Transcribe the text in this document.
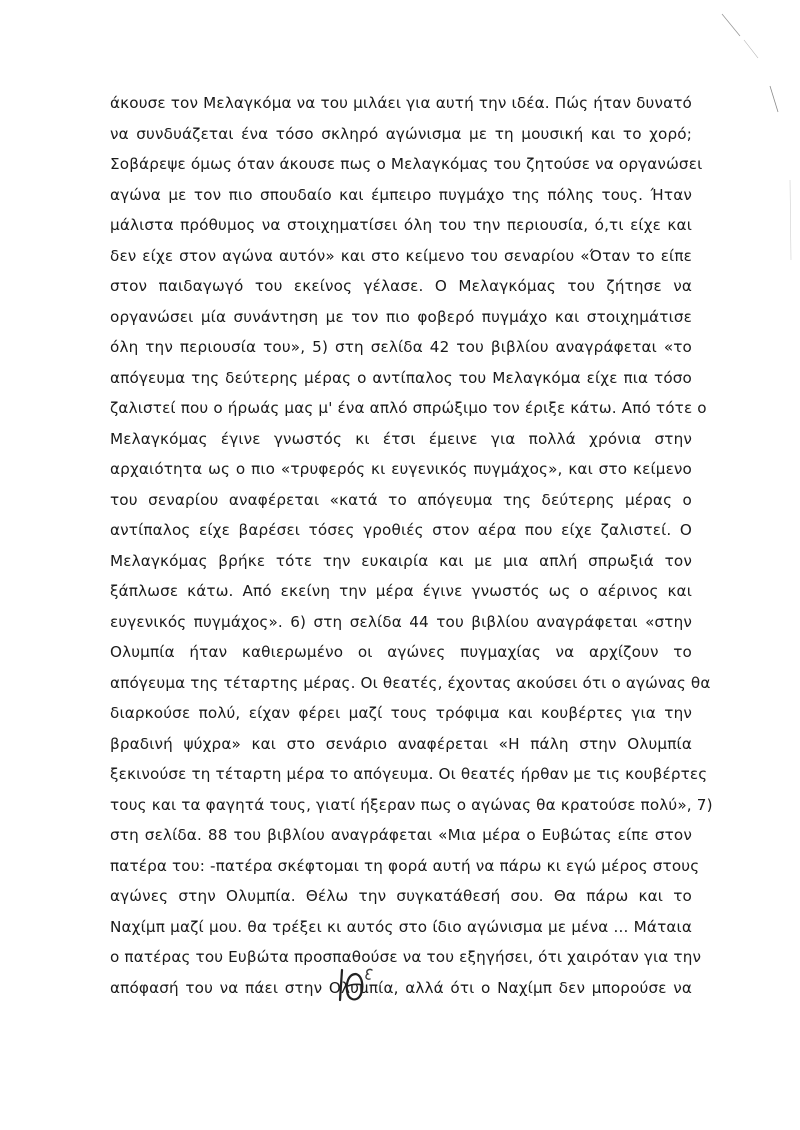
άκουσε τον Μελαγκόμα να του μιλάει για αυτή την ιδέα. Πώς ήταν δυνατό
να συνδυάζεται ένα τόσο σκληρό αγώνισμα με τη μουσική και το χορό;
Σοβάρεψε όμως όταν άκουσε πως ο Μελαγκόμας του ζητούσε να οργανώσει
αγώνα με τον πιο σπουδαίο και έμπειρο πυγμάχο της πόλης τους. Ήταν
μάλιστα πρόθυμος να στοιχηματίσει όλη του την περιουσία, ό,τι είχε και
δεν είχε στον αγώνα αυτόν» και στο κείμενο του σεναρίου «Όταν το είπε
στον παιδαγωγό του εκείνος γέλασε. Ο Μελαγκόμας του ζήτησε να
οργανώσει μία συνάντηση με τον πιο φοβερό πυγμάχο και στοιχημάτισε
όλη την περιουσία του», 5) στη σελίδα 42 του βιβλίου αναγράφεται «το
απόγευμα της δεύτερης μέρας ο αντίπαλος του Μελαγκόμα είχε πια τόσο
ζαλιστεί που ο ήρωάς μας μ' ένα απλό σπρώξιμο τον έριξε κάτω. Από τότε ο
Μελαγκόμας έγινε γνωστός κι έτσι έμεινε για πολλά χρόνια στην
αρχαιότητα ως ο πιο «τρυφερός κι ευγενικός πυγμάχος», και στο κείμενο
του σεναρίου αναφέρεται «κατά το απόγευμα της δεύτερης μέρας ο
αντίπαλος είχε βαρέσει τόσες γροθιές στον αέρα που είχε ζαλιστεί. Ο
Μελαγκόμας βρήκε τότε την ευκαιρία και με μια απλή σπρωξιά τον
ξάπλωσε κάτω. Από εκείνη την μέρα έγινε γνωστός ως ο αέρινος και
ευγενικός πυγμάχος». 6) στη σελίδα 44 του βιβλίου αναγράφεται «στην
Ολυμπία ήταν καθιερωμένο οι αγώνες πυγμαχίας να αρχίζουν το
απόγευμα της τέταρτης μέρας. Οι θεατές, έχοντας ακούσει ότι ο αγώνας θα
διαρκούσε πολύ, είχαν φέρει μαζί τους τρόφιμα και κουβέρτες για την
βραδινή ψύχρα» και στο σενάριο αναφέρεται «Η πάλη στην Ολυμπία
ξεκινούσε τη τέταρτη μέρα το απόγευμα. Οι θεατές ήρθαν με τις κουβέρτες
τους και τα φαγητά τους, γιατί ήξεραν πως ο αγώνας θα κρατούσε πολύ», 7)
στη σελίδα. 88 του βιβλίου αναγράφεται «Μια μέρα ο Ευβώτας είπε στον
πατέρα του: -πατέρα σκέφτομαι τη φορά αυτή να πάρω κι εγώ μέρος στους
αγώνες στην Ολυμπία. Θέλω την συγκατάθεσή σου. Θα πάρω και το
Ναχίμπ μαζί μου. θα τρέξει κι αυτός στο ίδιο αγώνισμα με μένα ... Μάταια
ο πατέρας του Ευβώτα προσπαθούσε να του εξηγήσει, ότι χαιρόταν για την
απόφασή του να πάει στην Ολυμπία, αλλά ότι ο Ναχίμπ δεν μπορούσε να
